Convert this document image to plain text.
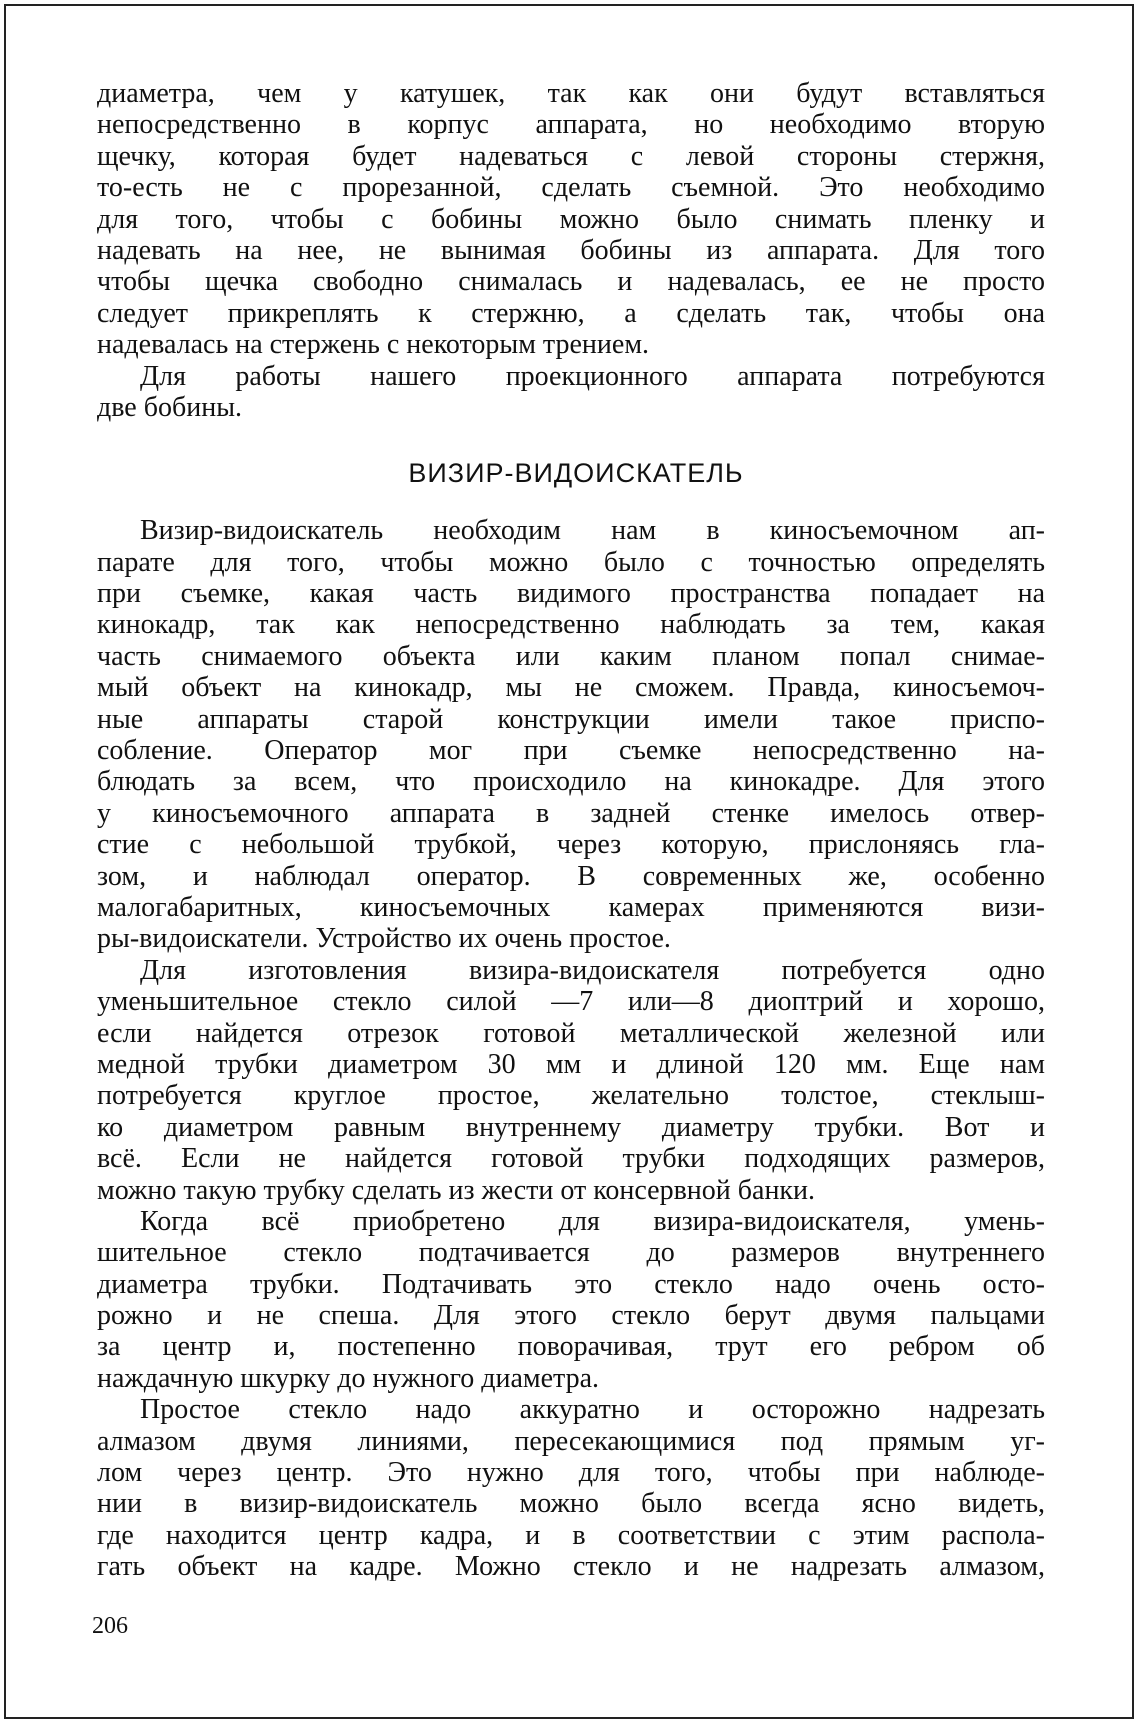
диаметра, чем у катушек, так как они будут вставляться
непосредственно в корпус аппарата, но необходимо вторую
щечку, которая будет надеваться с левой стороны стержня,
то-есть не с прорезанной, сделать съемной. Это необходимо
для того, чтобы с бобины можно было снимать пленку и
надевать на нее, не вынимая бобины из аппарата. Для того
чтобы щечка свободно снималась и надевалась, ее не просто
следует прикреплять к стержню, а сделать так, чтобы она
надевалась на стержень с некоторым трением.
Для работы нашего проекционного аппарата потребуются
две бобины.
ВИЗИР-ВИДОИСКАТЕЛЬ
Визир-видоискатель необходим нам в киносъемочном ап-
парате для того, чтобы можно было с точностью определять
при съемке, какая часть видимого пространства попадает на
кинокадр, так как непосредственно наблюдать за тем, какая
часть снимаемого объекта или каким планом попал снимае-
мый объект на кинокадр, мы не сможем. Правда, киносъемоч-
ные аппараты старой конструкции имели такое приспо-
собление. Оператор мог при съемке непосредственно на-
блюдать за всем, что происходило на кинокадре. Для этого
у киносъемочного аппарата в задней стенке имелось отвер-
стие с небольшой трубкой, через которую, прислоняясь гла-
зом, и наблюдал оператор. В современных же, особенно
малогабаритных, киносъемочных камерах применяются визи-
ры-видоискатели. Устройство их очень простое.
Для изготовления визира-видоискателя потребуется одно
уменьшительное стекло силой —7 или—8 диоптрий и хорошо,
если найдется отрезок готовой металлической железной или
медной трубки диаметром 30 мм и длиной 120 мм. Еще нам
потребуется круглое простое, желательно толстое, стеклыш-
ко диаметром равным внутреннему диаметру трубки. Вот и
всё. Если не найдется готовой трубки подходящих размеров,
можно такую трубку сделать из жести от консервной банки.
Когда всё приобретено для визира-видоискателя, умень-
шительное стекло подтачивается до размеров внутреннего
диаметра трубки. Подтачивать это стекло надо очень осто-
рожно и не спеша. Для этого стекло берут двумя пальцами
за центр и, постепенно поворачивая, трут его ребром об
наждачную шкурку до нужного диаметра.
Простое стекло надо аккуратно и осторожно надрезать
алмазом двумя линиями, пересекающимися под прямым уг-
лом через центр. Это нужно для того, чтобы при наблюде-
нии в визир-видоискатель можно было всегда ясно видеть,
где находится центр кадра, и в соответствии с этим распола-
гать объект на кадре. Можно стекло и не надрезать алмазом,
206
